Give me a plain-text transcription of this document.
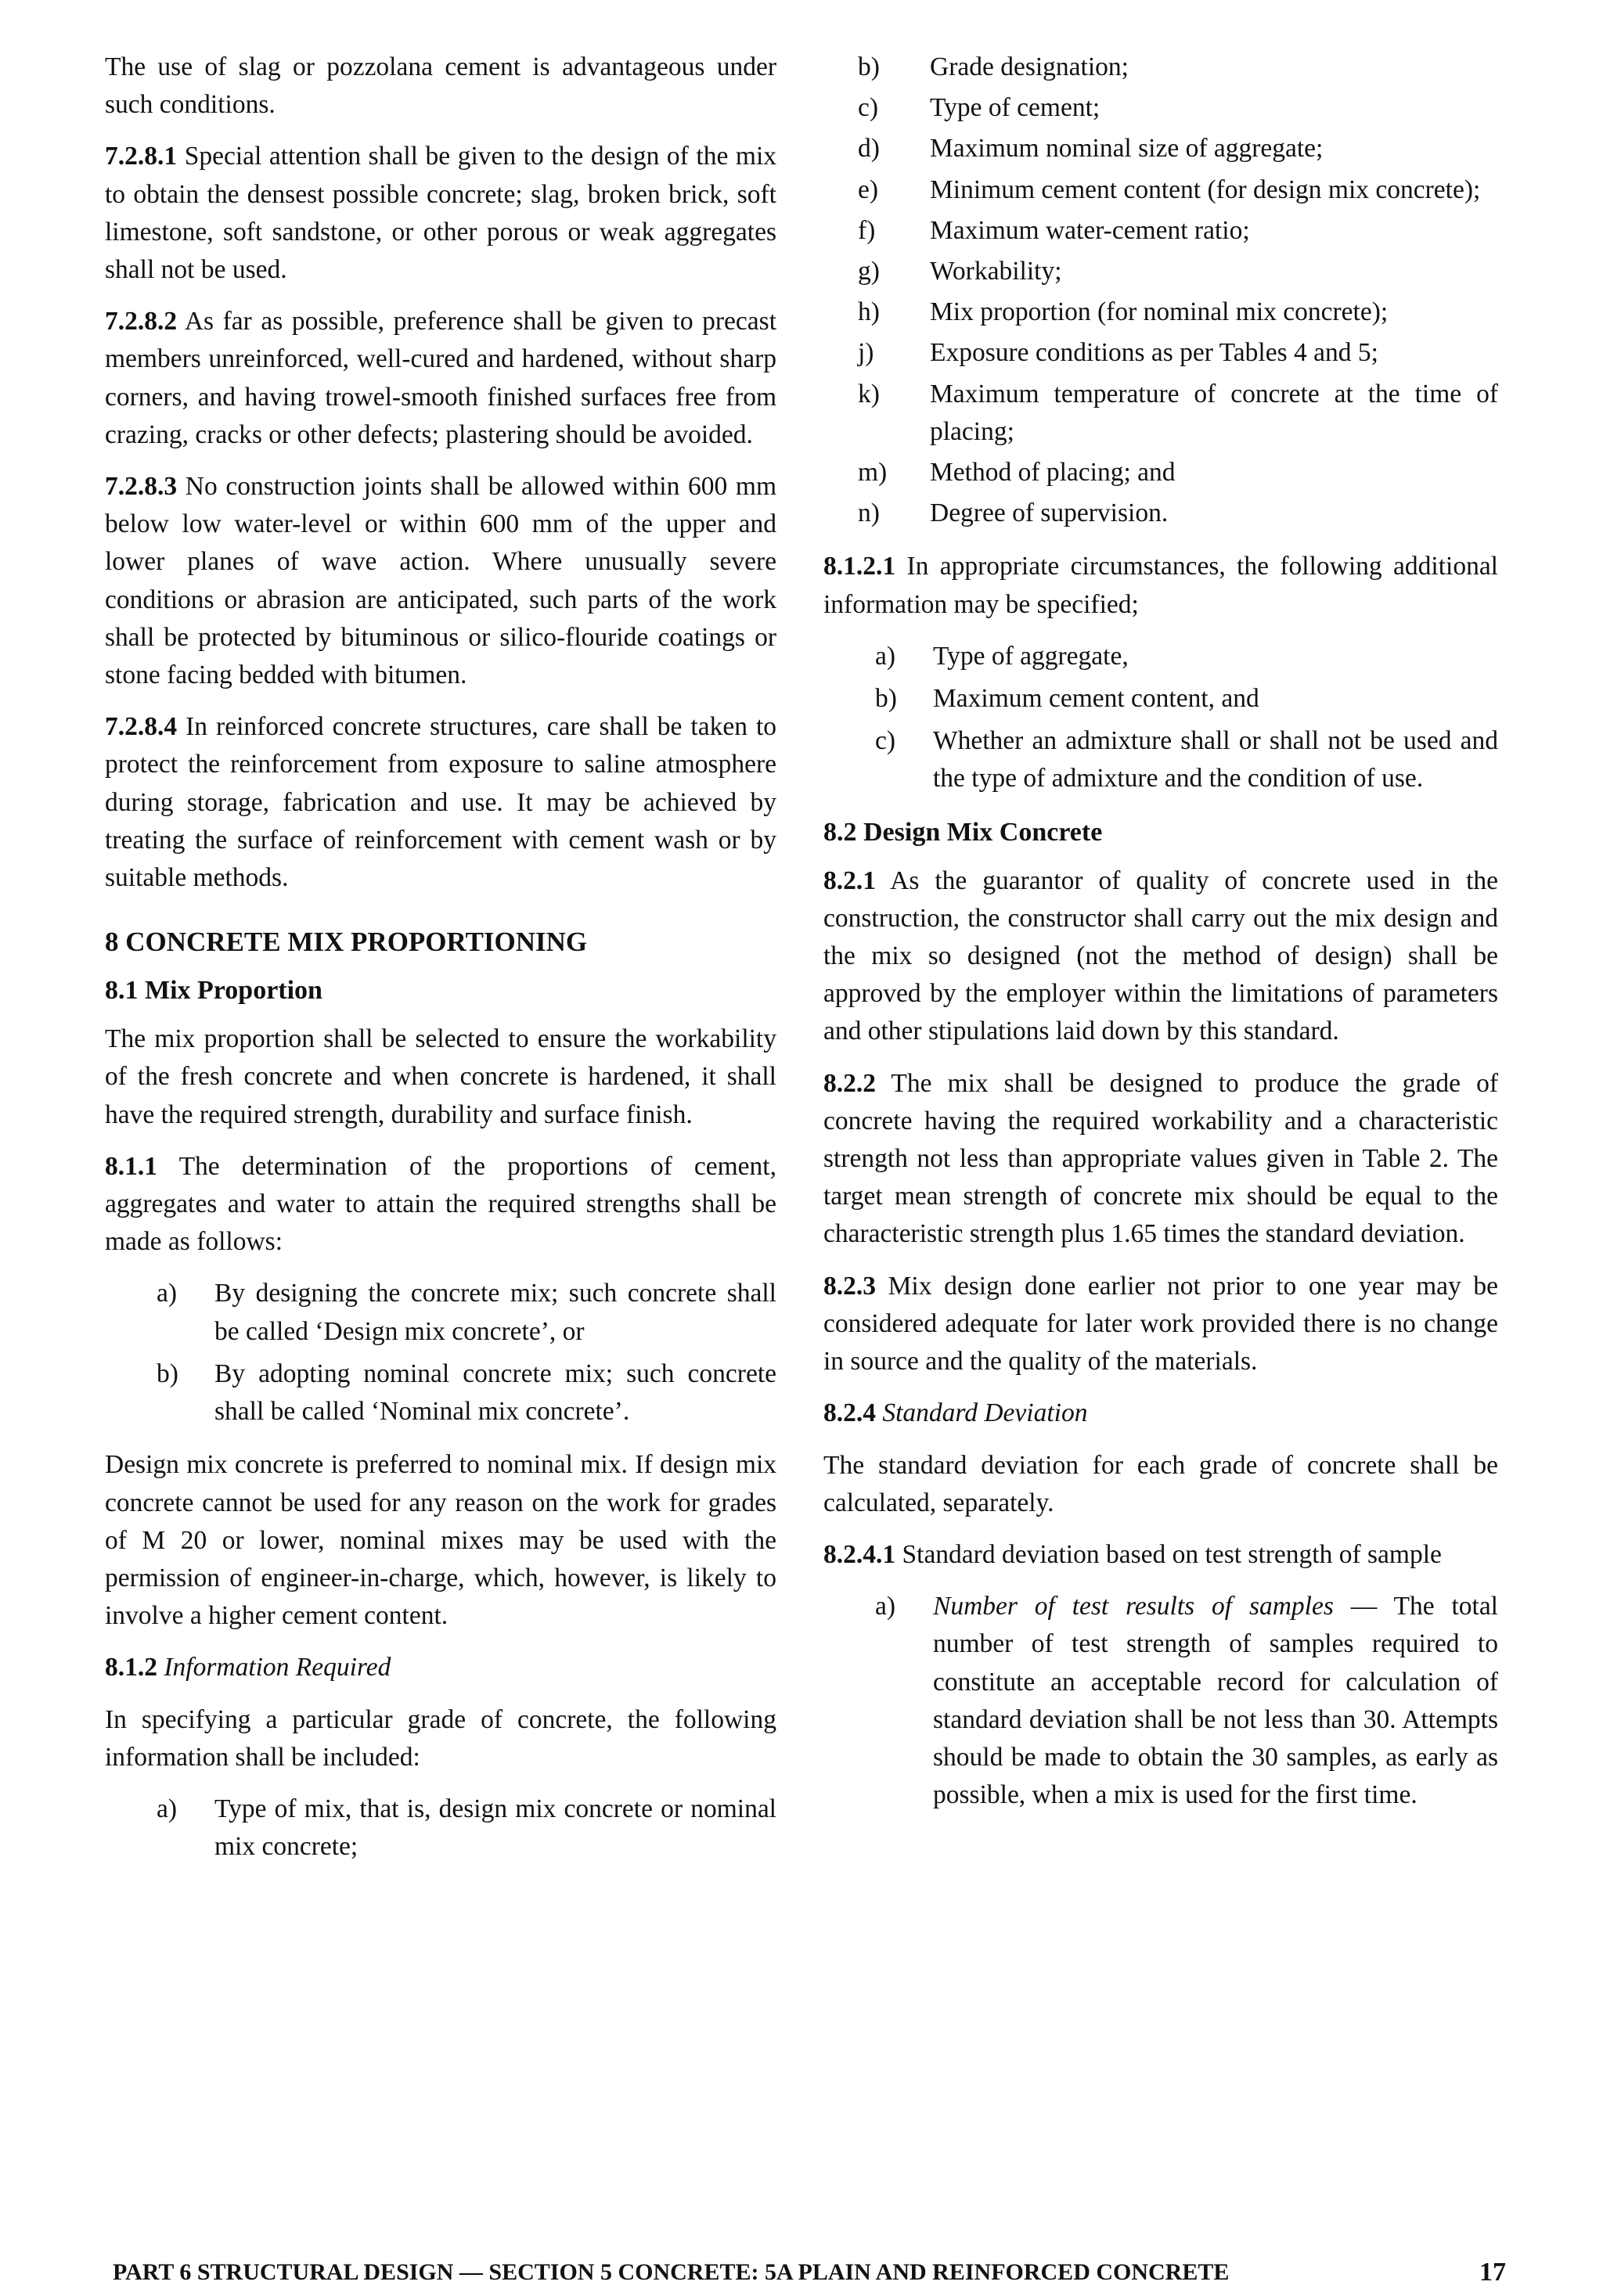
The use of slag or pozzolana cement is advantageous under such conditions.

7.2.8.1 Special attention shall be given to the design of the mix to obtain the densest possible concrete; slag, broken brick, soft limestone, soft sandstone, or other porous or weak aggregates shall not be used.

7.2.8.2 As far as possible, preference shall be given to precast members unreinforced, well-cured and hardened, without sharp corners, and having trowel-smooth finished surfaces free from crazing, cracks or other defects; plastering should be avoided.

7.2.8.3 No construction joints shall be allowed within 600 mm below low water-level or within 600 mm of the upper and lower planes of wave action. Where unusually severe conditions or abrasion are anticipated, such parts of the work shall be protected by bituminous or silico-flouride coatings or stone facing bedded with bitumen.

7.2.8.4 In reinforced concrete structures, care shall be taken to protect the reinforcement from exposure to saline atmosphere during storage, fabrication and use. It may be achieved by treating the surface of reinforcement with cement wash or by suitable methods.

8 CONCRETE MIX PROPORTIONING
8.1 Mix Proportion

The mix proportion shall be selected to ensure the workability of the fresh concrete and when concrete is hardened, it shall have the required strength, durability and surface finish.

8.1.1 The determination of the proportions of cement, aggregates and water to attain the required strengths shall be made as follows:

a)	By designing the concrete mix; such concrete shall be called ‘Design mix concrete’, or
b)	By adopting nominal concrete mix; such concrete shall be called ‘Nominal mix concrete’.

Design mix concrete is preferred to nominal mix. If design mix concrete cannot be used for any reason on the work for grades of M 20 or lower, nominal mixes may be used with the permission of engineer-in-charge, which, however, is likely to involve a higher cement content.

8.1.2 Information Required

In specifying a particular grade of concrete, the following information shall be included:

a)	Type of mix, that is, design mix concrete or nominal mix concrete;
b)	Grade designation;
c)	Type of cement;
d)	Maximum nominal size of aggregate;
e)	Minimum cement content (for design mix concrete);
f)	Maximum water-cement ratio;
g)	Workability;
h)	Mix proportion (for nominal mix concrete);
j)	Exposure conditions as per Tables 4 and 5;
k)	Maximum temperature of concrete at the time of placing;
m)	Method of placing; and
n)	Degree of supervision.

8.1.2.1 In appropriate circumstances, the following additional information may be specified;

a)	Type of aggregate,
b)	Maximum cement content, and
c)	Whether an admixture shall or shall not be used and the type of admixture and the condition of use.
8.2 Design Mix Concrete

8.2.1 As the guarantor of quality of concrete used in the construction, the constructor shall carry out the mix design and the mix so designed (not the method of design) shall be approved by the employer within the limitations of parameters and other stipulations laid down by this standard.

8.2.2 The mix shall be designed to produce the grade of concrete having the required workability and a characteristic strength not less than appropriate values given in Table 2. The target mean strength of concrete mix should be equal to the characteristic strength plus 1.65 times the standard deviation.

8.2.3 Mix design done earlier not prior to one year may be considered adequate for later work provided there is no change in source and the quality of the materials.

8.2.4 Standard Deviation

The standard deviation for each grade of concrete shall be calculated, separately.

8.2.4.1 Standard deviation based on test strength of sample

a)	Number of test results of samples — The total number of test strength of samples required to constitute an acceptable record for calculation of standard deviation shall be not less than 30. Attempts should be made to obtain the 30 samples, as early as possible, when a mix is used for the first time.
PART 6 STRUCTURAL DESIGN — SECTION 5 CONCRETE: 5A PLAIN AND REINFORCED CONCRETE	17
